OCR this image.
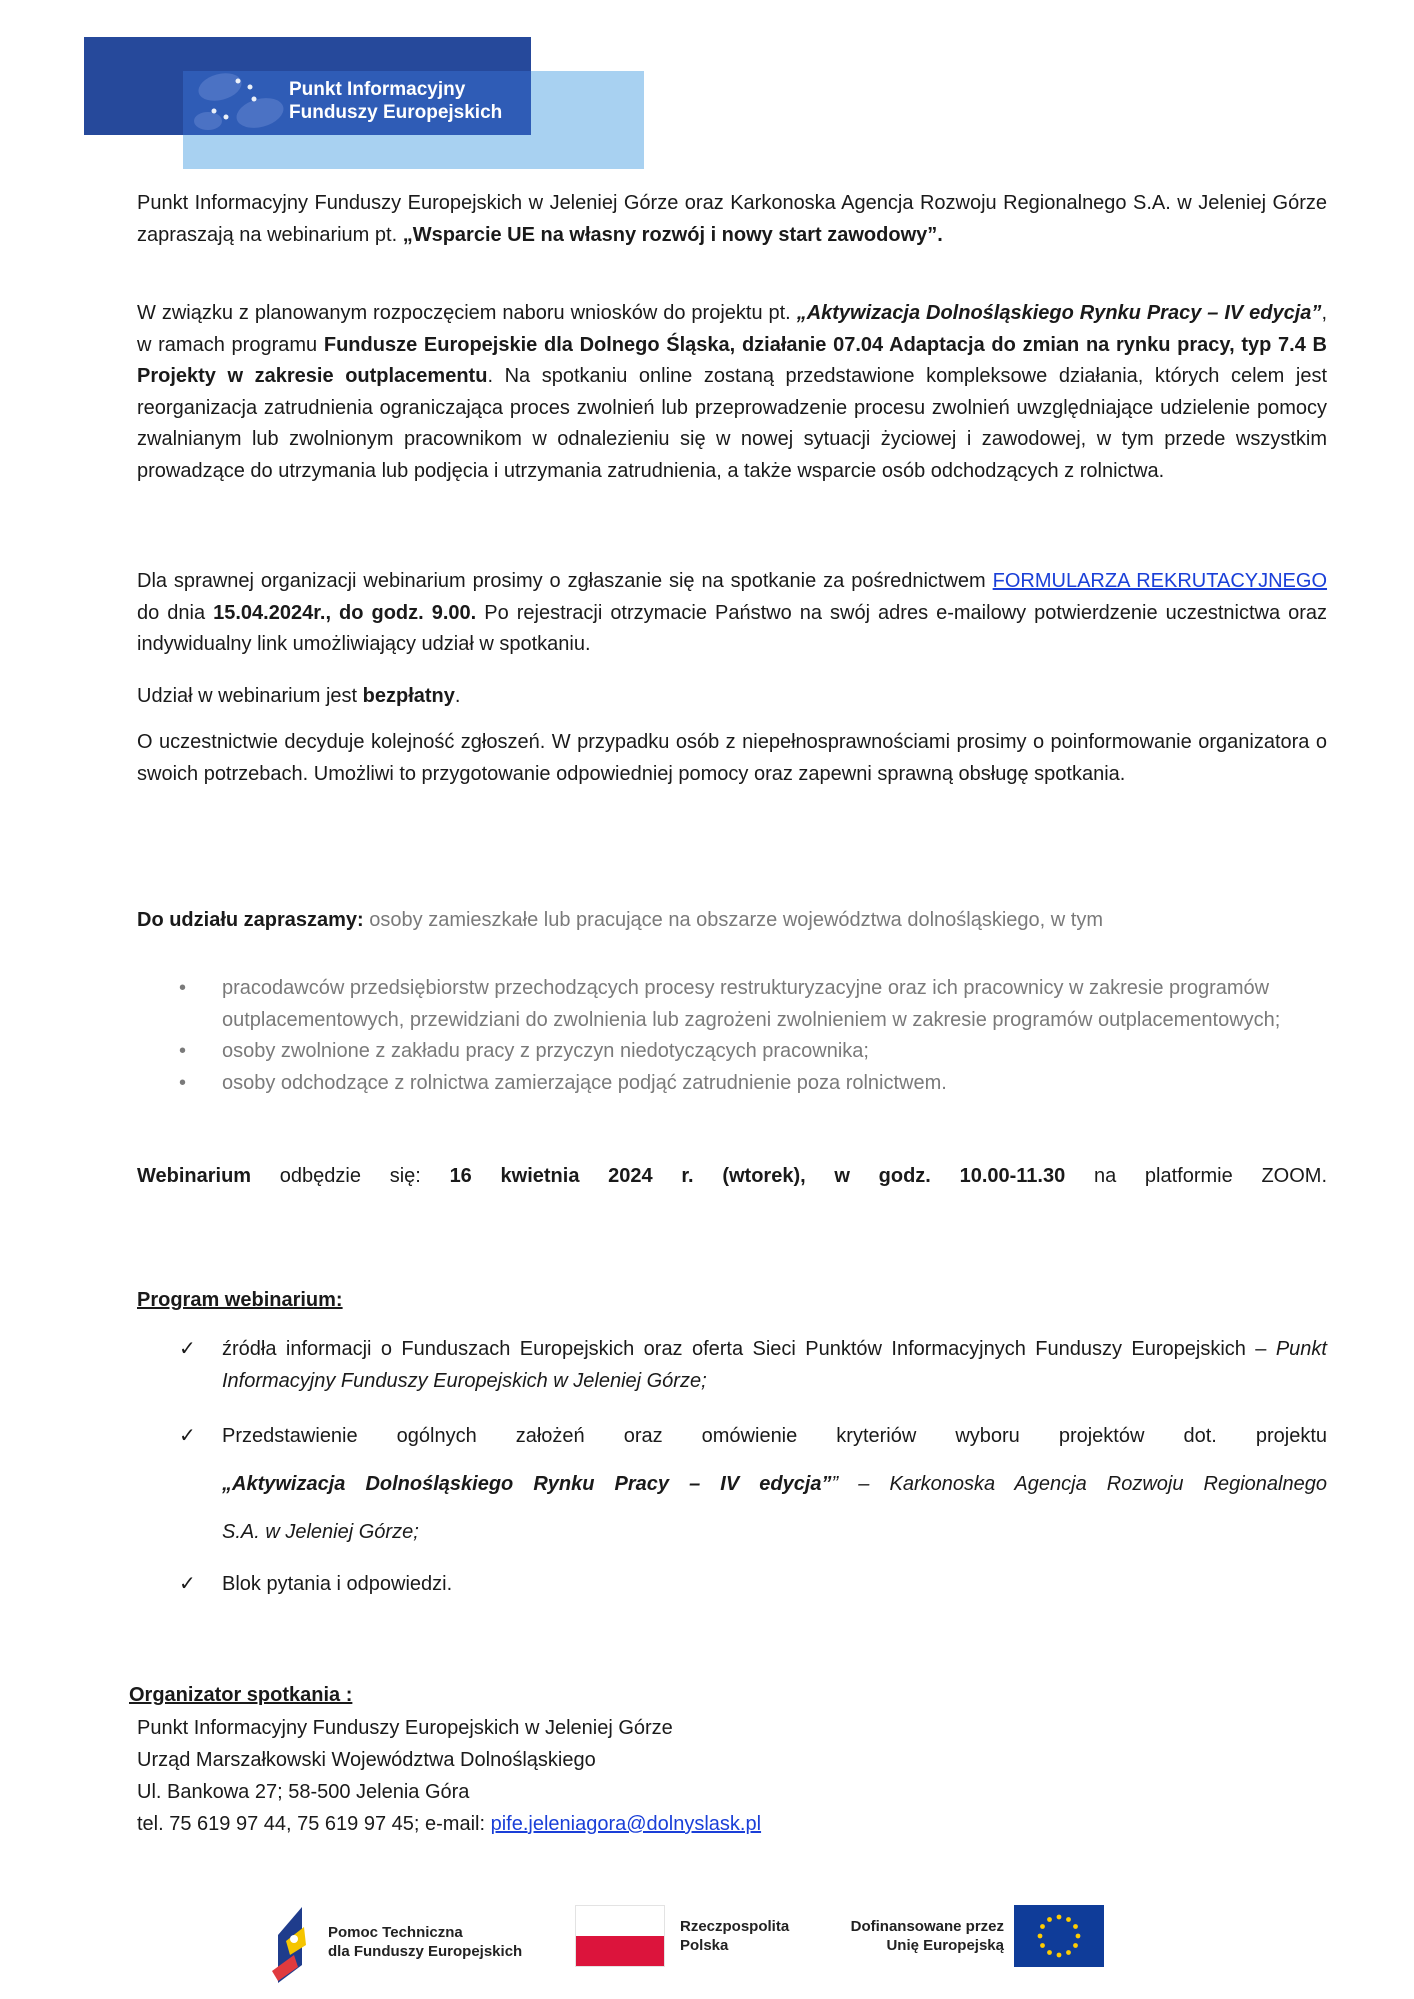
Punkt Informacyjny
Funduszy Europejskich
Punkt Informacyjny Funduszy Europejskich w Jeleniej Górze oraz Karkonoska Agencja Rozwoju Regionalnego S.A. w Jeleniej Górze zapraszają na webinarium pt. „Wsparcie UE na własny rozwój i nowy start zawodowy”.
W związku z planowanym rozpoczęciem naboru wniosków do projektu pt. „Aktywizacja Dolnośląskiego Rynku Pracy – IV edycja”, w ramach programu Fundusze Europejskie dla Dolnego Śląska, działanie 07.04 Adaptacja do zmian na rynku pracy, typ 7.4 B Projekty w zakresie outplacementu. Na spotkaniu online zostaną przedstawione kompleksowe działania, których celem jest reorganizacja zatrudnienia ograniczająca proces zwolnień lub przeprowadzenie procesu zwolnień uwzględniające udzielenie pomocy zwalnianym lub zwolnionym pracownikom w odnalezieniu się w nowej sytuacji życiowej i zawodowej, w tym przede wszystkim prowadzące do utrzymania lub podjęcia i utrzymania zatrudnienia, a także wsparcie osób odchodzących z rolnictwa.
Dla sprawnej organizacji webinarium prosimy o zgłaszanie się na spotkanie za pośrednictwem FORMULARZA REKRUTACYJNEGO do dnia 15.04.2024r., do godz. 9.00. Po rejestracji otrzymacie Państwo na swój adres e-mailowy potwierdzenie uczestnictwa oraz indywidualny link umożliwiający udział w spotkaniu.
Udział w webinarium jest bezpłatny.
O uczestnictwie decyduje kolejność zgłoszeń. W przypadku osób z niepełnosprawnościami prosimy o poinformowanie organizatora o swoich potrzebach. Umożliwi to przygotowanie odpowiedniej pomocy oraz zapewni sprawną obsługę spotkania.
Do udziału zapraszamy: osoby zamieszkałe lub pracujące na obszarze województwa dolnośląskiego, w tym
• pracodawców przedsiębiorstw przechodzących procesy restrukturyzacyjne oraz ich pracownicy w zakresie programów outplacementowych, przewidziani do zwolnienia lub zagrożeni zwolnieniem w zakresie programów outplacementowych;
• osoby zwolnione z zakładu pracy z przyczyn niedotyczących pracownika;
• osoby odchodzące z rolnictwa zamierzające podjąć zatrudnienie poza rolnictwem.
Webinarium odbędzie się: 16 kwietnia 2024 r. (wtorek), w godz. 10.00-11.30 na platformie ZOOM.
Program webinarium:
✓	źródła informacji o Funduszach Europejskich oraz oferta Sieci Punktów Informacyjnych Funduszy Europejskich – Punkt Informacyjny Funduszy Europejskich w Jeleniej Górze;
✓ Przedstawienie ogólnych założeń oraz omówienie kryteriów wyboru projektów dot. projektu
„Aktywizacja Dolnośląskiego Rynku Pracy – IV edycja”” – Karkonoska Agencja Rozwoju Regionalnego
S.A. w Jeleniej Górze;
✓	Blok pytania i odpowiedzi.
Organizator spotkania :
Punkt Informacyjny Funduszy Europejskich w Jeleniej Górze
Urząd Marszałkowski Województwa Dolnośląskiego
Ul. Bankowa 27; 58-500 Jelenia Góra
tel. 75 619 97 44, 75 619 97 45; e-mail: pife.jeleniagora@dolnyslask.pl
Pomoc Techniczna
dla Funduszy Europejskich
Rzeczpospolita
Polska
Dofinansowane przez
Unię Europejską
